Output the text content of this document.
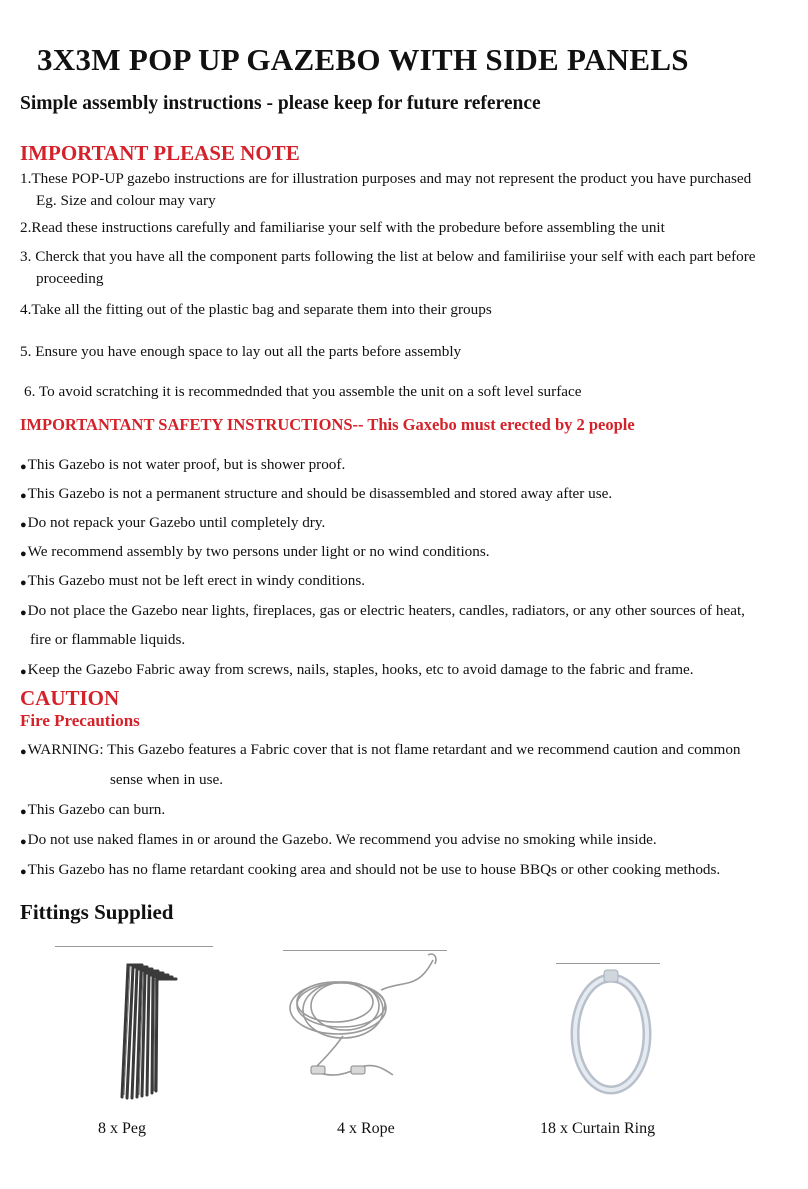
3X3M POP UP GAZEBO WITH SIDE PANELS
Simple assembly instructions - please keep for future reference
IMPORTANT PLEASE NOTE
1.These POP-UP gazebo instructions are for illustration purposes and may not represent the product you have purchased
Eg. Size and colour may vary
2.Read these instructions carefully and familiarise your self with the probedure before assembling the unit
3. Cherck that you have all the component parts following the list at below and familiriise your self with each part before
proceeding
4.Take all the fitting out of the plastic bag and separate them into their groups
5. Ensure you have enough space to lay out all the parts before assembly
6. To avoid scratching it is recommednded that you assemble the unit on a soft level surface
IMPORTANTANT SAFETY INSTRUCTIONS-- This Gaxebo must erected by 2 people
●This Gazebo is not water proof, but is shower proof.
●This Gazebo is not a permanent structure and should be disassembled and stored away after use.
●Do not repack your Gazebo until completely dry.
●We recommend assembly by two persons under light or no wind conditions.
●This Gazebo must not be left erect in windy conditions.
●Do not place the Gazebo near lights, fireplaces, gas or electric heaters, candles, radiators, or any other sources of heat,
fire or flammable liquids.
●Keep the Gazebo Fabric away from screws, nails, staples, hooks, etc to avoid damage to the fabric and frame.
CAUTION
Fire Precautions
●WARNING: This Gazebo features a Fabric cover that is not flame retardant and we recommend caution and common
sense when in use.
●This Gazebo can burn.
●Do not use naked flames in or around the Gazebo. We recommend you advise no smoking while inside.
●This Gazebo has no flame retardant cooking area and should not be use to house BBQs or other cooking methods.
Fittings Supplied
8 x Peg	4 x Rope	18 x Curtain Ring
